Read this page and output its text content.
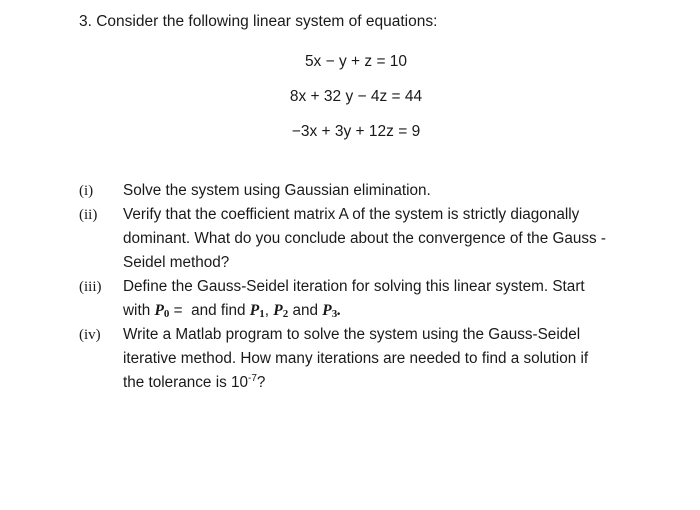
3. Consider the following linear system of equations:
5x − y + z = 10
8x + 32 y − 4z = 44
−3x + 3y + 12z = 9
(i)	Solve the system using Gaussian elimination.
(ii)	Verify that the coefficient matrix A of the system is strictly diagonally
dominant. What do you conclude about the convergence of the Gauss -
Seidel method?
(iii)	Define the Gauss-Seidel iteration for solving this linear system. Start
with $P_0$ =  and find $P_1$, $P_2$ and $P_3$.
(iv)	Write a Matlab program to solve the system using the Gauss-Seidel
iterative method. How many iterations are needed to find a solution if
the tolerance is $10^{-7}$?
